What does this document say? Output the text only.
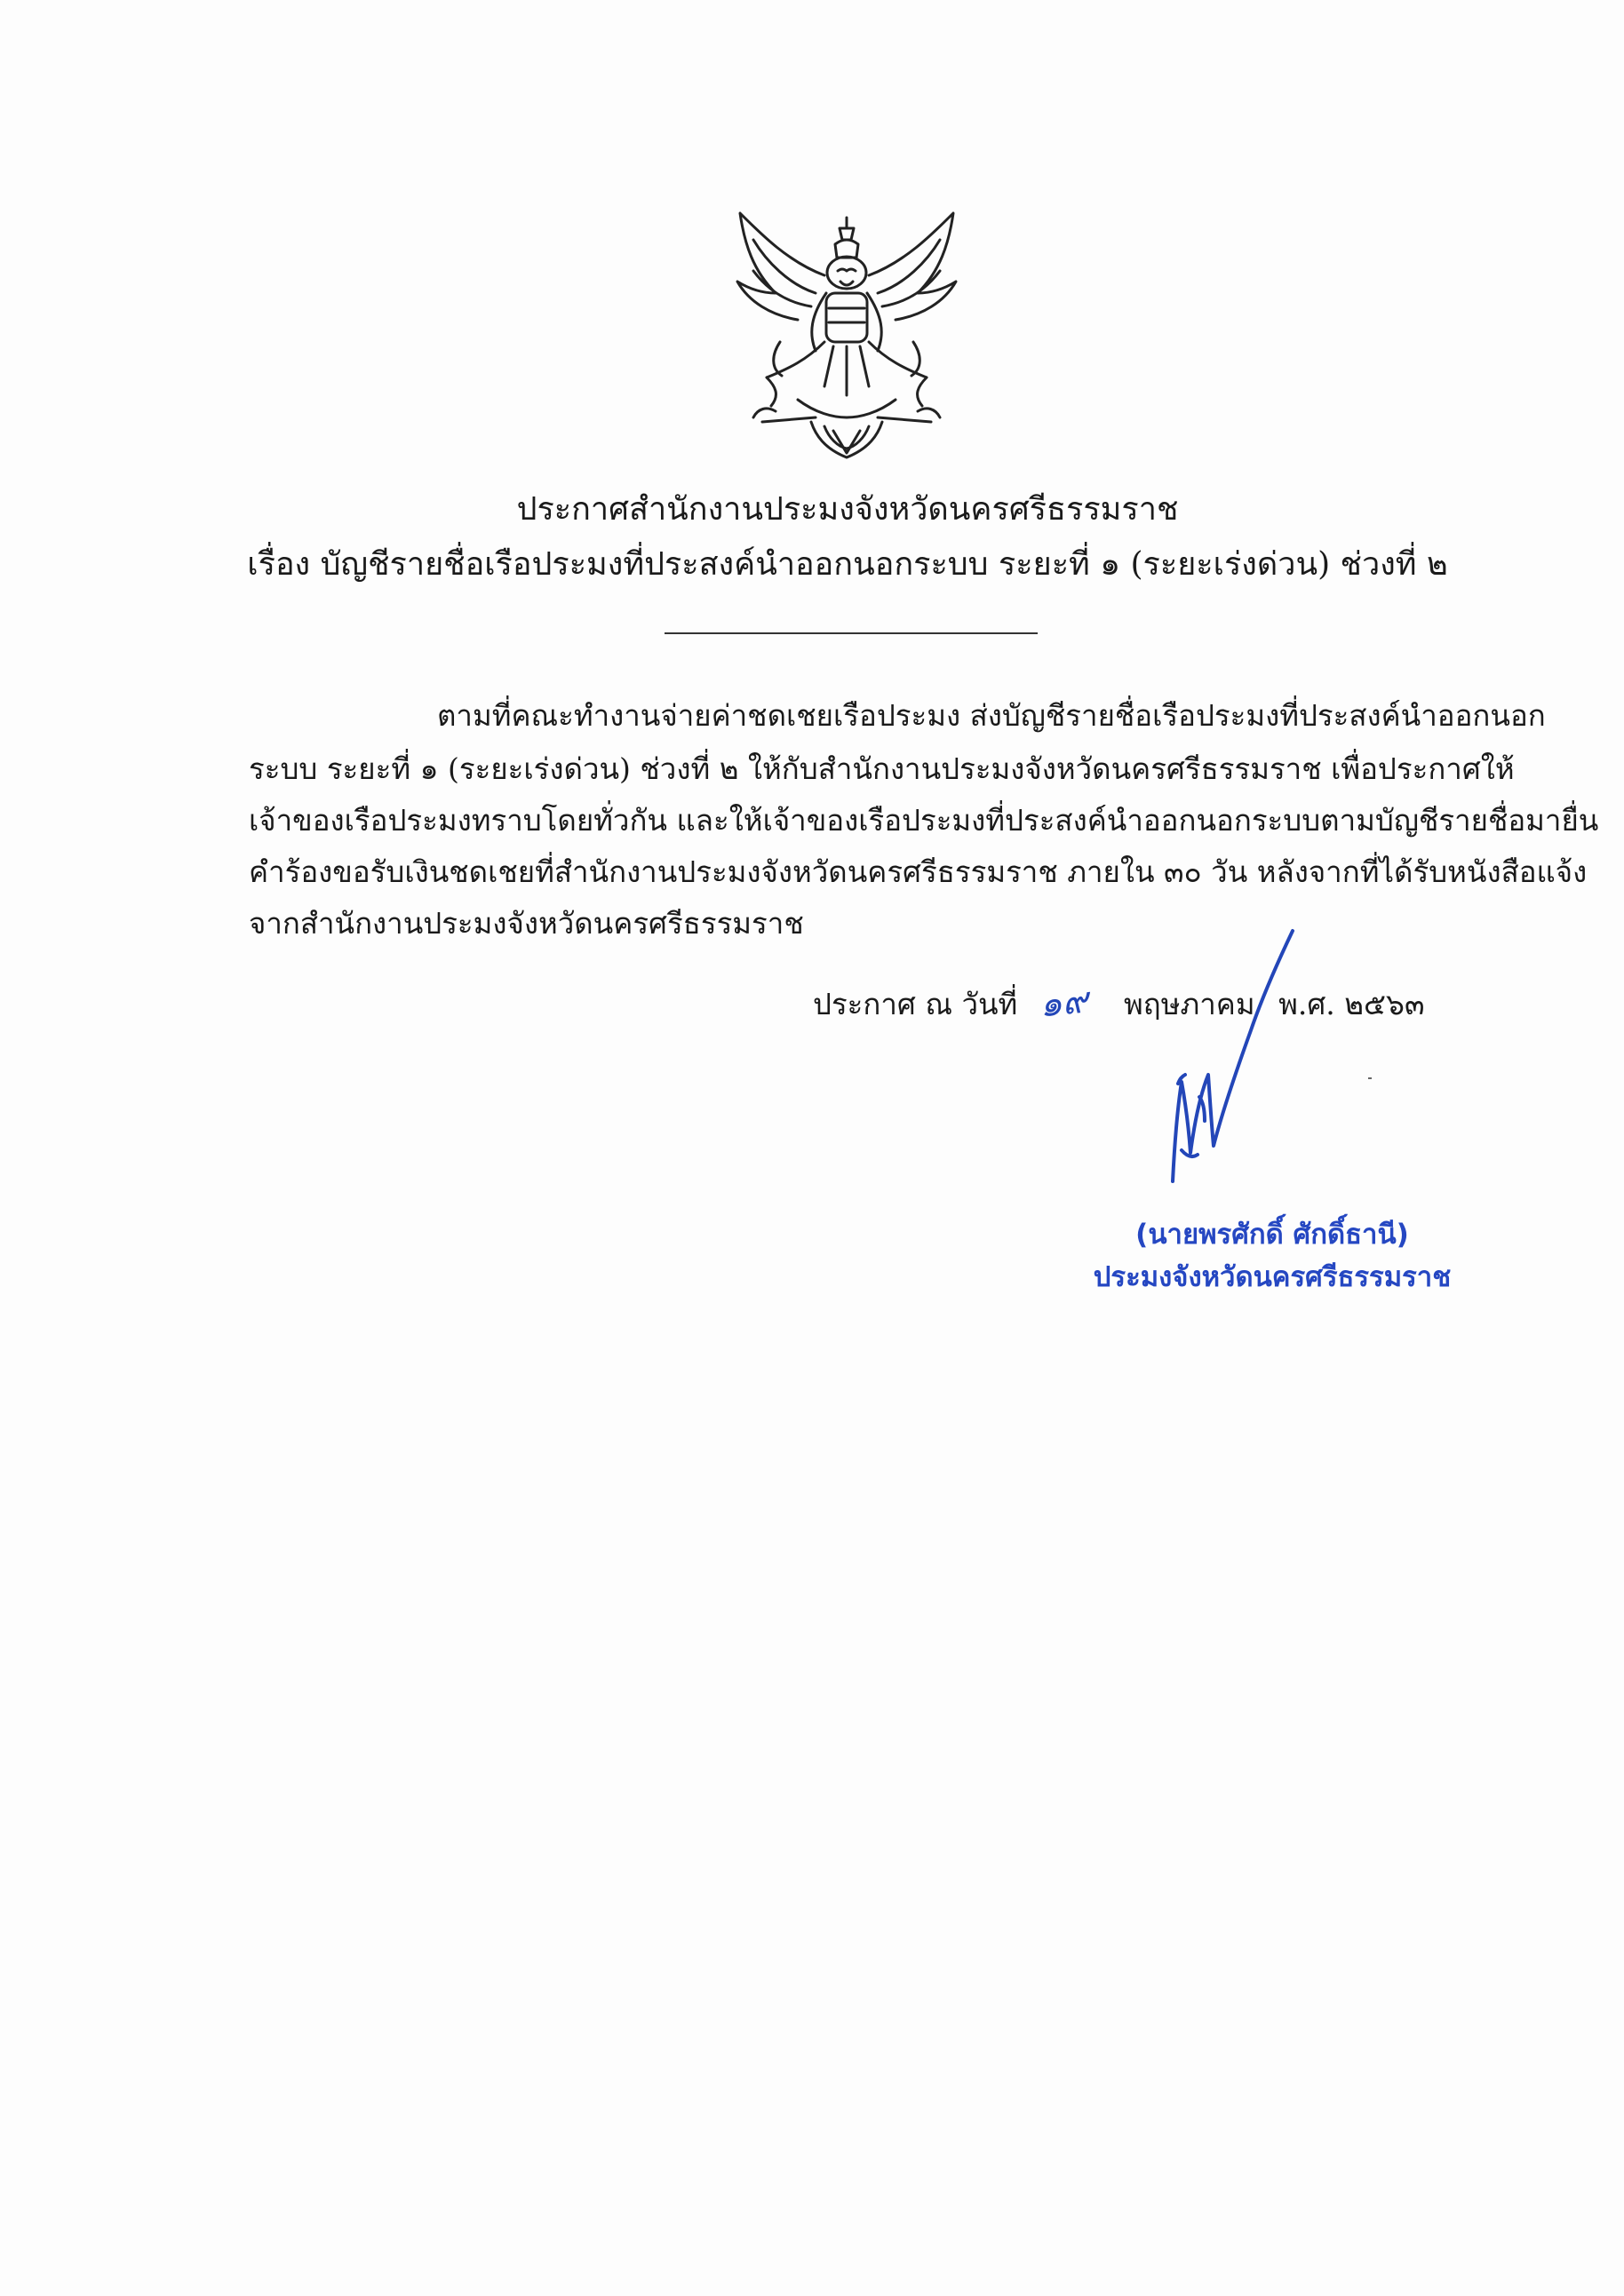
ประกาศสำนักงานประมงจังหวัดนครศรีธรรมราช
เรื่อง บัญชีรายชื่อเรือประมงที่ประสงค์นำออกนอกระบบ ระยะที่ ๑ (ระยะเร่งด่วน) ช่วงที่ ๒
ตามที่คณะทำงานจ่ายค่าชดเชยเรือประมง ส่งบัญชีรายชื่อเรือประมงที่ประสงค์นำออกนอก
ระบบ ระยะที่ ๑ (ระยะเร่งด่วน) ช่วงที่ ๒ ให้กับสำนักงานประมงจังหวัดนครศรีธรรมราช เพื่อประกาศให้
เจ้าของเรือประมงทราบโดยทั่วกัน และให้เจ้าของเรือประมงที่ประสงค์นำออกนอกระบบตามบัญชีรายชื่อมายื่น
คำร้องขอรับเงินชดเชยที่สำนักงานประมงจังหวัดนครศรีธรรมราช ภายใน ๓๐ วัน หลังจากที่ได้รับหนังสือแจ้ง
จากสำนักงานประมงจังหวัดนครศรีธรรมราช
ประกาศ ณ วันที่ ๑๙ พฤษภาคม พ.ศ. ๒๕๖๓
(นายพรศักดิ์ ศักดิ์ธานี)
ประมงจังหวัดนครศรีธรรมราช
